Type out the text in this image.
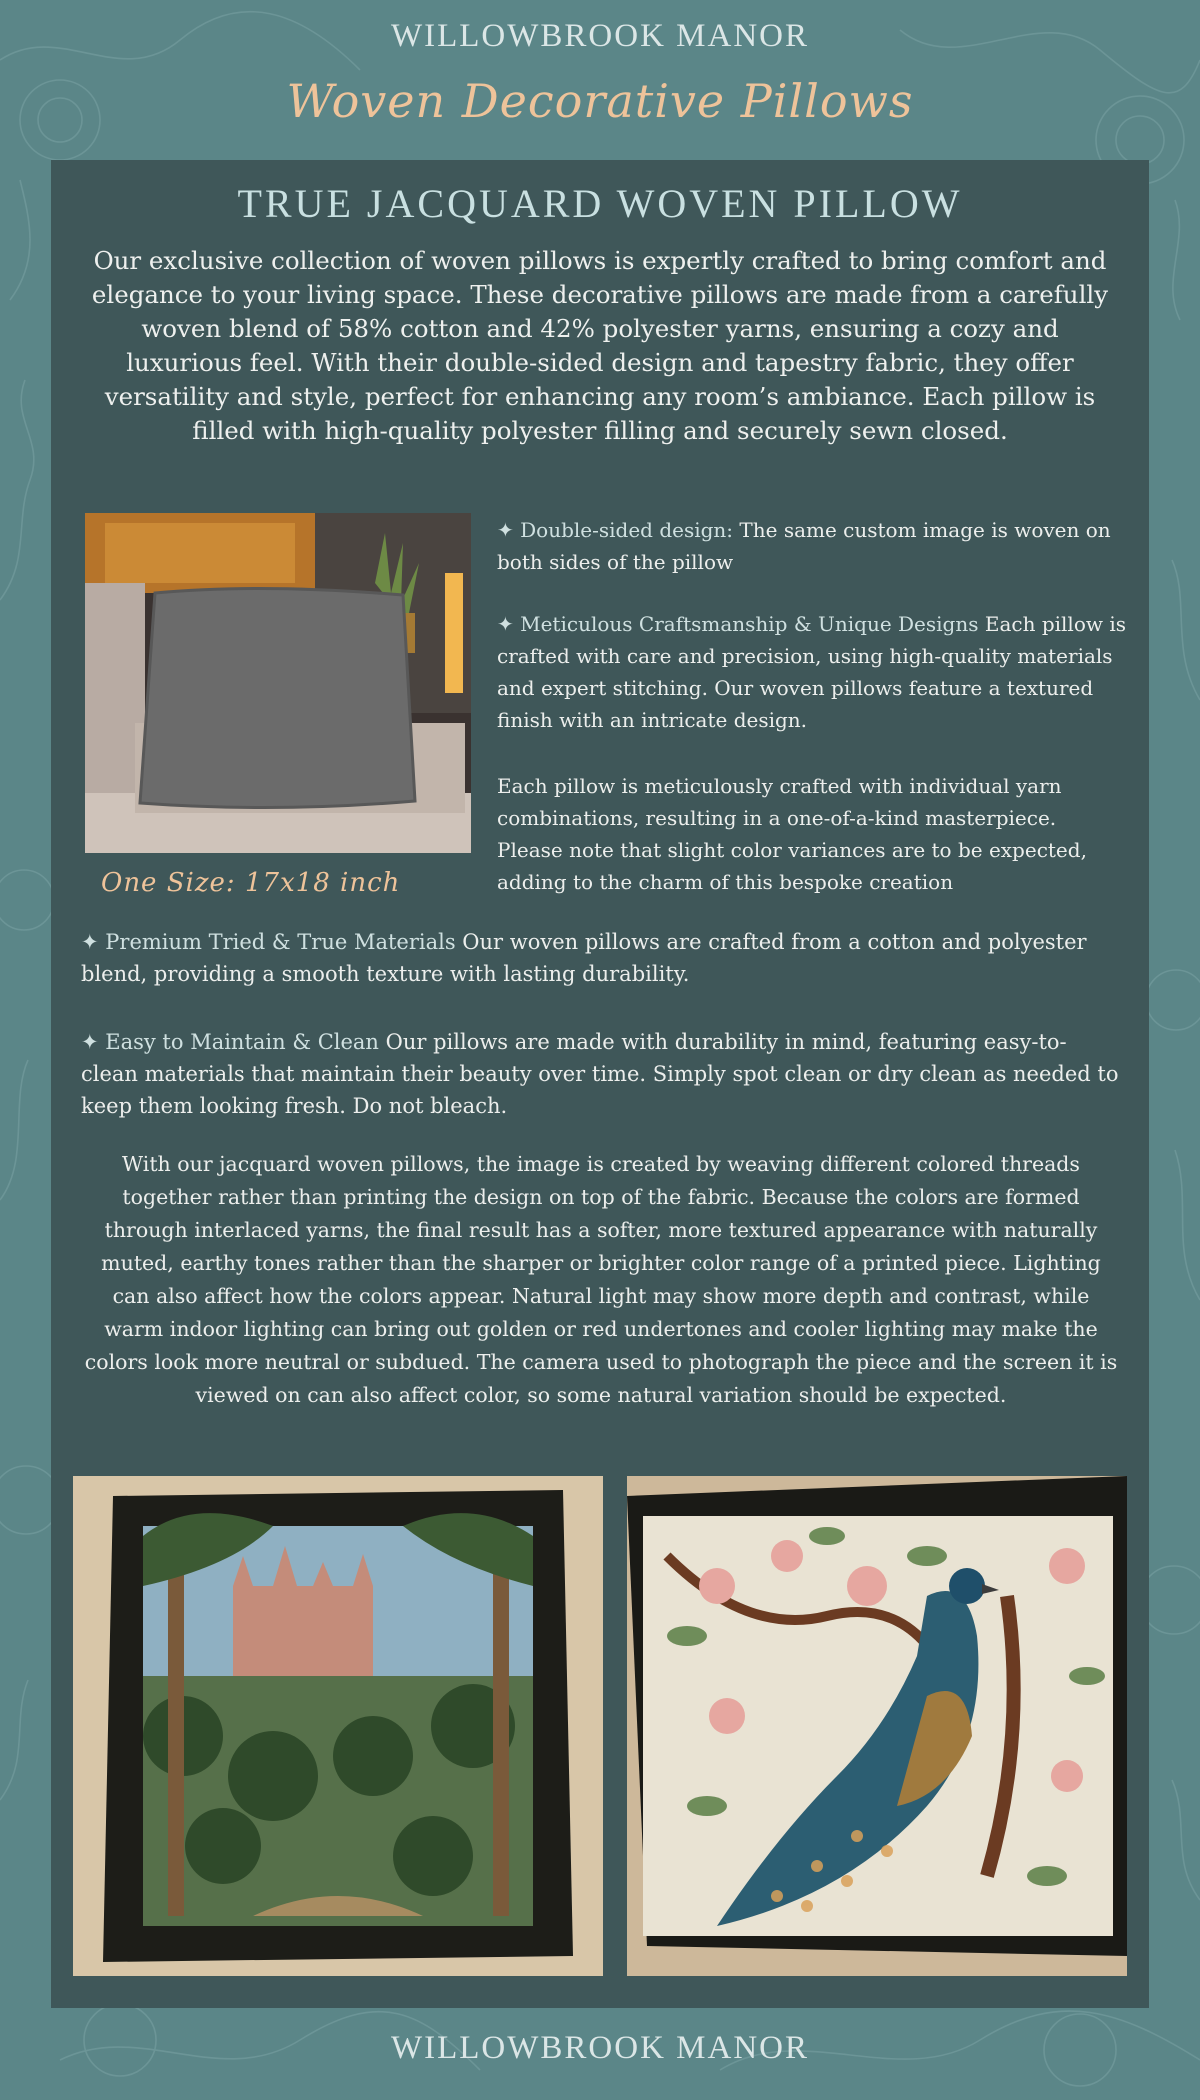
WILLOWBROOK MANOR
Woven Decorative Pillows
TRUE JACQUARD WOVEN PILLOW
Our exclusive collection of woven pillows is expertly crafted to bring comfort and elegance to your living space. These decorative pillows are made from a carefully woven blend of 58% cotton and 42% polyester yarns, ensuring a cozy and luxurious feel. With their double-sided design and tapestry fabric, they offer versatility and style, perfect for enhancing any room’s ambiance. Each pillow is filled with high-quality polyester filling and securely sewn closed.
One Size: 17x18 inch
✦ Double-sided design: The same custom image is woven on both sides of the pillow
✦ Meticulous Craftsmanship & Unique Designs Each pillow is crafted with care and precision, using high-quality materials and expert stitching. Our woven pillows feature a textured finish with an intricate design.
Each pillow is meticulously crafted with individual yarn combinations, resulting in a one-of-a-kind masterpiece. Please note that slight color variances are to be expected, adding to the charm of this bespoke creation
✦ Premium Tried & True Materials Our woven pillows are crafted from a cotton and polyester blend, providing a smooth texture with lasting durability.
✦ Easy to Maintain & Clean Our pillows are made with durability in mind, featuring easy-to-clean materials that maintain their beauty over time. Simply spot clean or dry clean as needed to keep them looking fresh. Do not bleach.
With our jacquard woven pillows, the image is created by weaving different colored threads together rather than printing the design on top of the fabric. Because the colors are formed through interlaced yarns, the final result has a softer, more textured appearance with naturally muted, earthy tones rather than the sharper or brighter color range of a printed piece. Lighting can also affect how the colors appear. Natural light may show more depth and contrast, while warm indoor lighting can bring out golden or red undertones and cooler lighting may make the colors look more neutral or subdued. The camera used to photograph the piece and the screen it is viewed on can also affect color, so some natural variation should be expected.
WILLOWBROOK MANOR
